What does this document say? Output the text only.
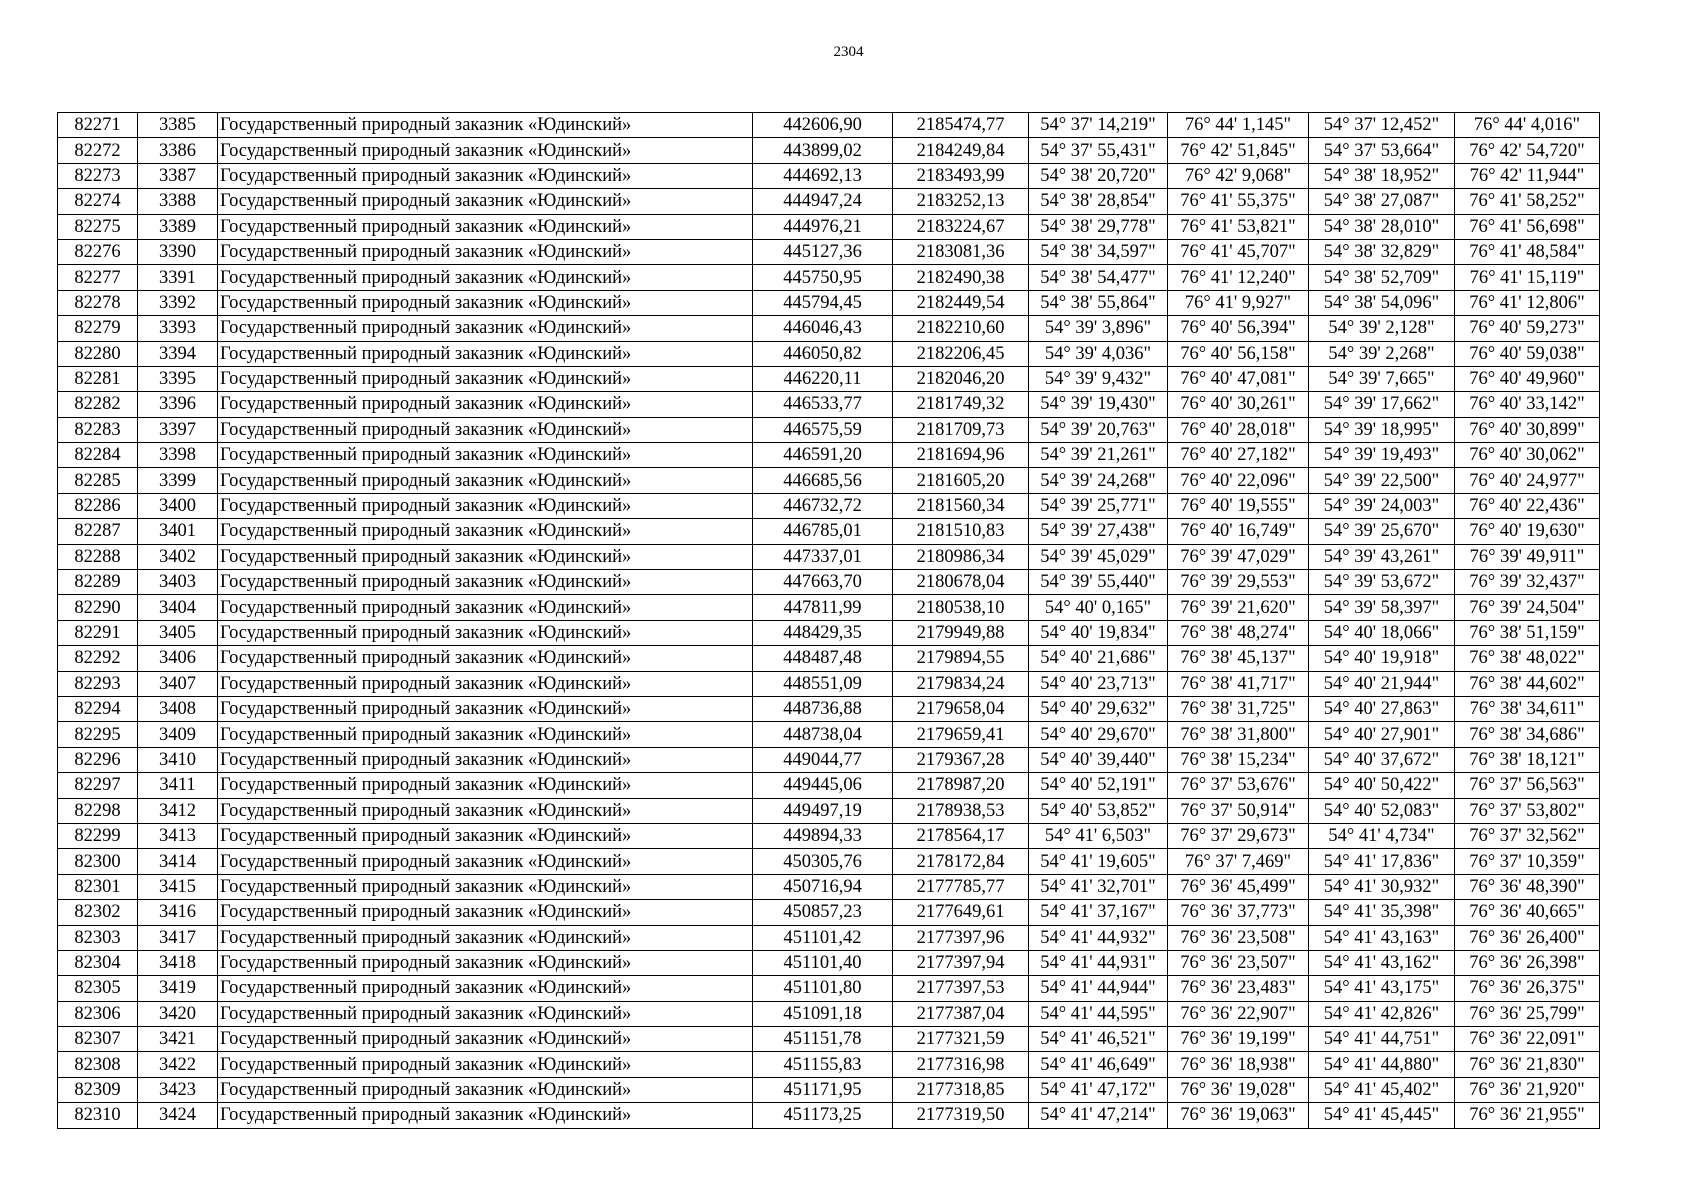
2304
82271	3385	Государственный природный заказник «Юдинский»	442606,90	2185474,77	54° 37' 14,219"	76° 44' 1,145"	54° 37' 12,452"	76° 44' 4,016"
82272	3386	Государственный природный заказник «Юдинский»	443899,02	2184249,84	54° 37' 55,431"	76° 42' 51,845"	54° 37' 53,664"	76° 42' 54,720"
82273	3387	Государственный природный заказник «Юдинский»	444692,13	2183493,99	54° 38' 20,720"	76° 42' 9,068"	54° 38' 18,952"	76° 42' 11,944"
82274	3388	Государственный природный заказник «Юдинский»	444947,24	2183252,13	54° 38' 28,854"	76° 41' 55,375"	54° 38' 27,087"	76° 41' 58,252"
82275	3389	Государственный природный заказник «Юдинский»	444976,21	2183224,67	54° 38' 29,778"	76° 41' 53,821"	54° 38' 28,010"	76° 41' 56,698"
82276	3390	Государственный природный заказник «Юдинский»	445127,36	2183081,36	54° 38' 34,597"	76° 41' 45,707"	54° 38' 32,829"	76° 41' 48,584"
82277	3391	Государственный природный заказник «Юдинский»	445750,95	2182490,38	54° 38' 54,477"	76° 41' 12,240"	54° 38' 52,709"	76° 41' 15,119"
82278	3392	Государственный природный заказник «Юдинский»	445794,45	2182449,54	54° 38' 55,864"	76° 41' 9,927"	54° 38' 54,096"	76° 41' 12,806"
82279	3393	Государственный природный заказник «Юдинский»	446046,43	2182210,60	54° 39' 3,896"	76° 40' 56,394"	54° 39' 2,128"	76° 40' 59,273"
82280	3394	Государственный природный заказник «Юдинский»	446050,82	2182206,45	54° 39' 4,036"	76° 40' 56,158"	54° 39' 2,268"	76° 40' 59,038"
82281	3395	Государственный природный заказник «Юдинский»	446220,11	2182046,20	54° 39' 9,432"	76° 40' 47,081"	54° 39' 7,665"	76° 40' 49,960"
82282	3396	Государственный природный заказник «Юдинский»	446533,77	2181749,32	54° 39' 19,430"	76° 40' 30,261"	54° 39' 17,662"	76° 40' 33,142"
82283	3397	Государственный природный заказник «Юдинский»	446575,59	2181709,73	54° 39' 20,763"	76° 40' 28,018"	54° 39' 18,995"	76° 40' 30,899"
82284	3398	Государственный природный заказник «Юдинский»	446591,20	2181694,96	54° 39' 21,261"	76° 40' 27,182"	54° 39' 19,493"	76° 40' 30,062"
82285	3399	Государственный природный заказник «Юдинский»	446685,56	2181605,20	54° 39' 24,268"	76° 40' 22,096"	54° 39' 22,500"	76° 40' 24,977"
82286	3400	Государственный природный заказник «Юдинский»	446732,72	2181560,34	54° 39' 25,771"	76° 40' 19,555"	54° 39' 24,003"	76° 40' 22,436"
82287	3401	Государственный природный заказник «Юдинский»	446785,01	2181510,83	54° 39' 27,438"	76° 40' 16,749"	54° 39' 25,670"	76° 40' 19,630"
82288	3402	Государственный природный заказник «Юдинский»	447337,01	2180986,34	54° 39' 45,029"	76° 39' 47,029"	54° 39' 43,261"	76° 39' 49,911"
82289	3403	Государственный природный заказник «Юдинский»	447663,70	2180678,04	54° 39' 55,440"	76° 39' 29,553"	54° 39' 53,672"	76° 39' 32,437"
82290	3404	Государственный природный заказник «Юдинский»	447811,99	2180538,10	54° 40' 0,165"	76° 39' 21,620"	54° 39' 58,397"	76° 39' 24,504"
82291	3405	Государственный природный заказник «Юдинский»	448429,35	2179949,88	54° 40' 19,834"	76° 38' 48,274"	54° 40' 18,066"	76° 38' 51,159"
82292	3406	Государственный природный заказник «Юдинский»	448487,48	2179894,55	54° 40' 21,686"	76° 38' 45,137"	54° 40' 19,918"	76° 38' 48,022"
82293	3407	Государственный природный заказник «Юдинский»	448551,09	2179834,24	54° 40' 23,713"	76° 38' 41,717"	54° 40' 21,944"	76° 38' 44,602"
82294	3408	Государственный природный заказник «Юдинский»	448736,88	2179658,04	54° 40' 29,632"	76° 38' 31,725"	54° 40' 27,863"	76° 38' 34,611"
82295	3409	Государственный природный заказник «Юдинский»	448738,04	2179659,41	54° 40' 29,670"	76° 38' 31,800"	54° 40' 27,901"	76° 38' 34,686"
82296	3410	Государственный природный заказник «Юдинский»	449044,77	2179367,28	54° 40' 39,440"	76° 38' 15,234"	54° 40' 37,672"	76° 38' 18,121"
82297	3411	Государственный природный заказник «Юдинский»	449445,06	2178987,20	54° 40' 52,191"	76° 37' 53,676"	54° 40' 50,422"	76° 37' 56,563"
82298	3412	Государственный природный заказник «Юдинский»	449497,19	2178938,53	54° 40' 53,852"	76° 37' 50,914"	54° 40' 52,083"	76° 37' 53,802"
82299	3413	Государственный природный заказник «Юдинский»	449894,33	2178564,17	54° 41' 6,503"	76° 37' 29,673"	54° 41' 4,734"	76° 37' 32,562"
82300	3414	Государственный природный заказник «Юдинский»	450305,76	2178172,84	54° 41' 19,605"	76° 37' 7,469"	54° 41' 17,836"	76° 37' 10,359"
82301	3415	Государственный природный заказник «Юдинский»	450716,94	2177785,77	54° 41' 32,701"	76° 36' 45,499"	54° 41' 30,932"	76° 36' 48,390"
82302	3416	Государственный природный заказник «Юдинский»	450857,23	2177649,61	54° 41' 37,167"	76° 36' 37,773"	54° 41' 35,398"	76° 36' 40,665"
82303	3417	Государственный природный заказник «Юдинский»	451101,42	2177397,96	54° 41' 44,932"	76° 36' 23,508"	54° 41' 43,163"	76° 36' 26,400"
82304	3418	Государственный природный заказник «Юдинский»	451101,40	2177397,94	54° 41' 44,931"	76° 36' 23,507"	54° 41' 43,162"	76° 36' 26,398"
82305	3419	Государственный природный заказник «Юдинский»	451101,80	2177397,53	54° 41' 44,944"	76° 36' 23,483"	54° 41' 43,175"	76° 36' 26,375"
82306	3420	Государственный природный заказник «Юдинский»	451091,18	2177387,04	54° 41' 44,595"	76° 36' 22,907"	54° 41' 42,826"	76° 36' 25,799"
82307	3421	Государственный природный заказник «Юдинский»	451151,78	2177321,59	54° 41' 46,521"	76° 36' 19,199"	54° 41' 44,751"	76° 36' 22,091"
82308	3422	Государственный природный заказник «Юдинский»	451155,83	2177316,98	54° 41' 46,649"	76° 36' 18,938"	54° 41' 44,880"	76° 36' 21,830"
82309	3423	Государственный природный заказник «Юдинский»	451171,95	2177318,85	54° 41' 47,172"	76° 36' 19,028"	54° 41' 45,402"	76° 36' 21,920"
82310	3424	Государственный природный заказник «Юдинский»	451173,25	2177319,50	54° 41' 47,214"	76° 36' 19,063"	54° 41' 45,445"	76° 36' 21,955"
